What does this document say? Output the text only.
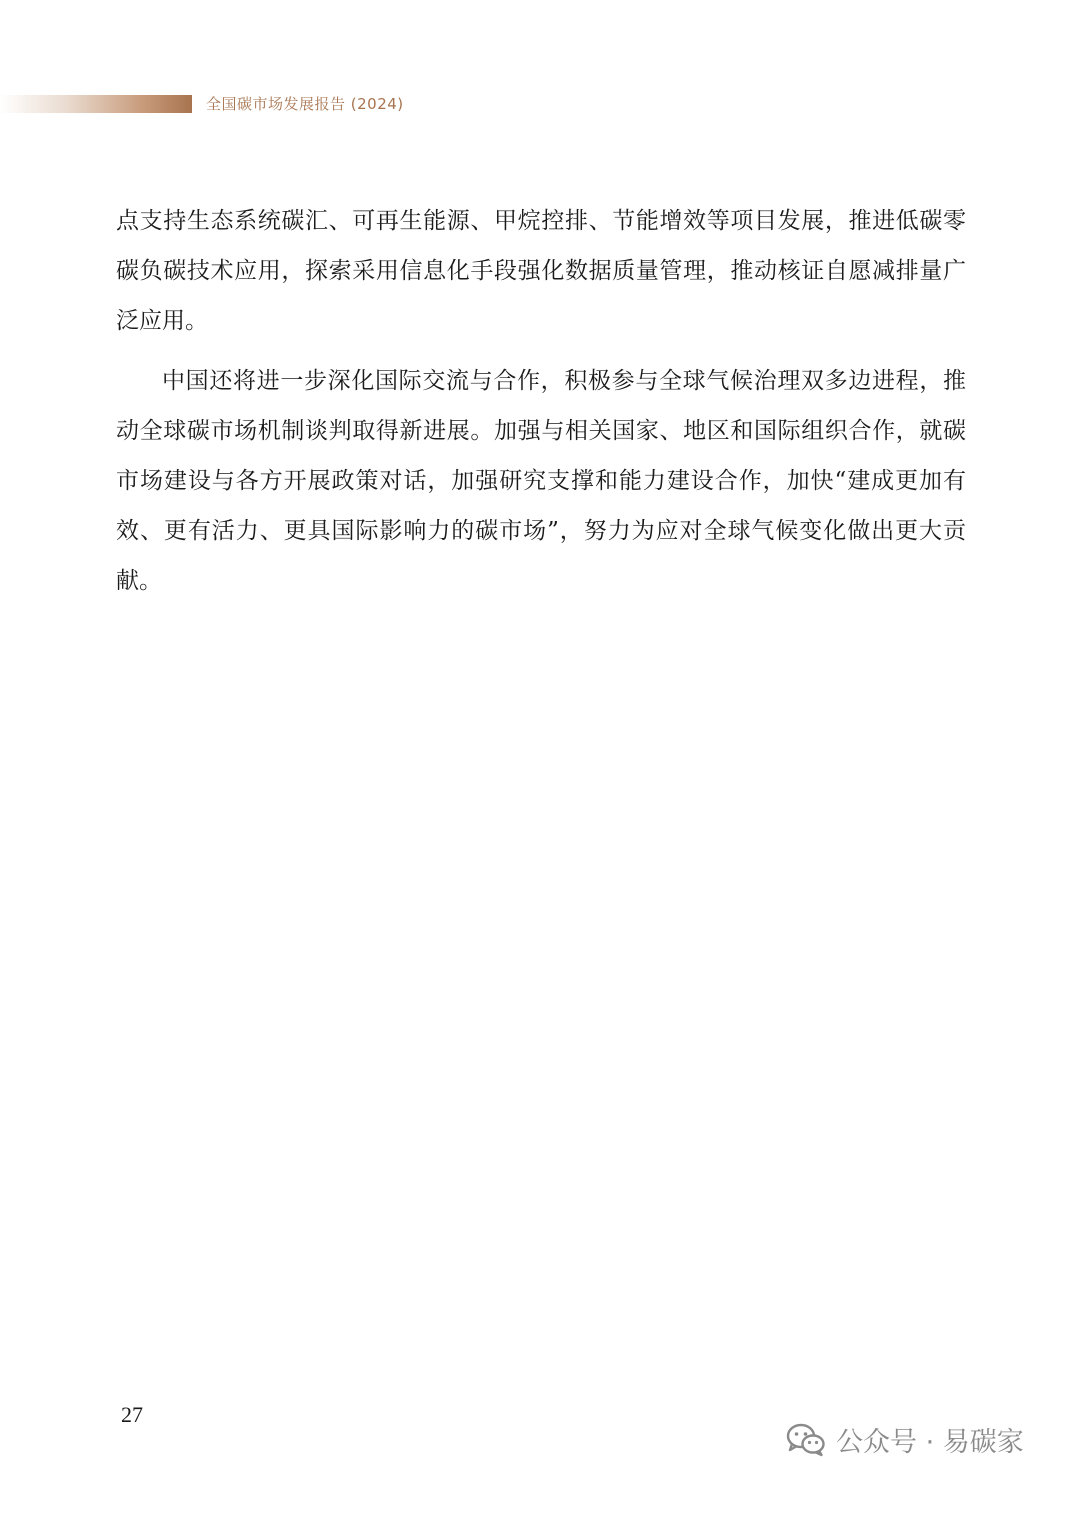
全国碳市场发展报告 (2024)

点支持生态系统碳汇、可再生能源、甲烷控排、节能增效等项目发展，推进低碳零碳负碳技术应用，探索采用信息化手段强化数据质量管理，推动核证自愿减排量广泛应用。

中国还将进一步深化国际交流与合作，积极参与全球气候治理双多边进程，推动全球碳市场机制谈判取得新进展。加强与相关国家、地区和国际组织合作，就碳市场建设与各方开展政策对话，加强研究支撑和能力建设合作，加快“建成更加有效、更有活力、更具国际影响力的碳市场”，努力为应对全球气候变化做出更大贡献。

27
公众号 · 易碳家
